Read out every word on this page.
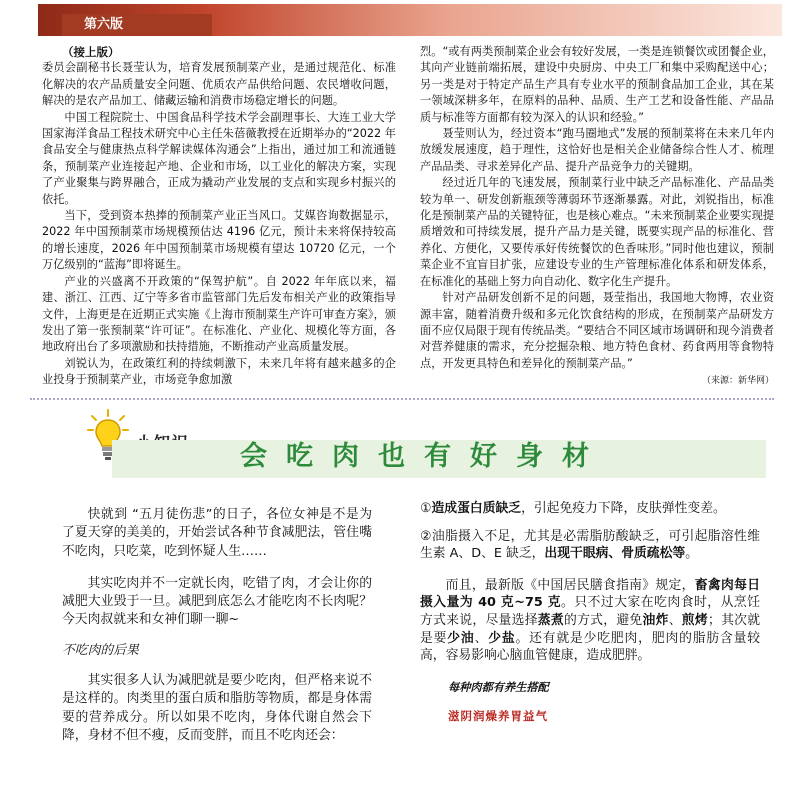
第六版
（接上版）

委员会副秘书长聂莹认为，培育发展预制菜产业，是通过规范化、标准化解决的农产品质量安全问题、优质农产品供给问题、农民增收问题，解决的是农产品加工、储藏运输和消费市场稳定增长的问题。

中国工程院院士、中国食品科学技术学会副理事长、大连工业大学国家海洋食品工程技术研究中心主任朱蓓薇教授在近期举办的“2022 年食品安全与健康热点科学解读媒体沟通会”上指出，通过加工和流通链条，预制菜产业连接起产地、企业和市场，以工业化的解决方案，实现了产业聚集与跨界融合，正成为撬动产业发展的支点和实现乡村振兴的依托。

当下，受到资本热捧的预制菜产业正当风口。艾媒咨询数据显示，2022 年中国预制菜市场规模预估达 4196 亿元，预计未来将保持较高的增长速度，2026 年中国预制菜市场规模有望达 10720 亿元，一个万亿级别的“蓝海”即将诞生。

产业的兴盛离不开政策的“保驾护航”。自 2022 年年底以来，福建、浙江、江西、辽宁等多省市监管部门先后发布相关产业的政策指导文件，上海更是在近期正式实施《上海市预制菜生产许可审查方案》，颁发出了第一张预制菜“许可证”。在标准化、产业化、规模化等方面，各地政府出台了多项激励和扶持措施，不断推动产业高质量发展。

刘锐认为，在政策红利的持续刺激下，未来几年将有越来越多的企业投身于预制菜产业，市场竞争愈加激

烈。“或有两类预制菜企业会有较好发展，一类是连锁餐饮或团餐企业，其向产业链前端拓展，建设中央厨房、中央工厂和集中采购配送中心；另一类是对于特定产品生产具有专业水平的预制食品加工企业，其在某一领域深耕多年，在原料的品种、品质、生产工艺和设备性能、产品品质与标准等方面都有较为深入的认识和经验。”

聂莹则认为，经过资本“跑马圈地式”发展的预制菜将在未来几年内放缓发展速度，趋于理性，这恰好也是相关企业储备综合性人才、梳理产品品类、寻求差异化产品、提升产品竞争力的关键期。

经过近几年的飞速发展，预制菜行业中缺乏产品标准化、产品品类较为单一、研发创新瓶颈等薄弱环节逐渐暴露。对此，刘锐指出，标准化是预制菜产品的关键特征，也是核心难点。“未来预制菜企业要实现提质增效和可持续发展，提升产品力是关键，既要实现产品的标准化、营养化、方便化，又要传承好传统餐饮的色香味形。”同时他也建议，预制菜企业不宜盲目扩张，应建设专业的生产管理标准化体系和研发体系，在标准化的基础上努力向自动化、数字化生产提升。

针对产品研发创新不足的问题，聂莹指出，我国地大物博，农业资源丰富，随着消费升级和多元化饮食结构的形成，在预制菜产品研发方面不应仅局限于现有传统品类。“要结合不同区域市场调研和现今消费者对营养健康的需求，充分挖掘杂粮、地方特色食材、药食两用等食物特点，开发更具特色和差异化的预制菜产品。”

（来源：新华网）
会吃肉也有好身材

快就到 “五月徒伤悲”的日子，各位女神是不是为了夏天穿的美美的，开始尝试各种节食减肥法，管住嘴不吃肉，只吃菜，吃到怀疑人生……

其实吃肉并不一定就长肉，吃错了肉，才会让你的减肥大业毁于一旦。减肥到底怎么才能吃肉不长肉呢？今天肉叔就来和女神们聊一聊~

不吃肉的后果

其实很多人认为减肥就是要少吃肉，但严格来说不是这样的。肉类里的蛋白质和脂肪等物质，都是身体需要的营养成分。所以如果不吃肉，身体代谢自然会下降，身材不但不瘦，反而变胖，而且不吃肉还会：

①造成蛋白质缺乏，引起免疫力下降，皮肤弹性变差。

②油脂摄入不足，尤其是必需脂肪酸缺乏，可引起脂溶性维生素 A、D、E 缺乏，出现干眼病、骨质疏松等。

而且，最新版《中国居民膳食指南》规定，畜禽肉每日摄入量为 40 克~75 克。只不过大家在吃肉食时，从烹饪方式来说，尽量选择蒸煮的方式，避免油炸、煎烤；其次就是要少油、少盐。还有就是少吃肥肉，肥肉的脂肪含量较高，容易影响心脑血管健康，造成肥胖。

每种肉都有养生搭配
滋阴润燥养胃益气
